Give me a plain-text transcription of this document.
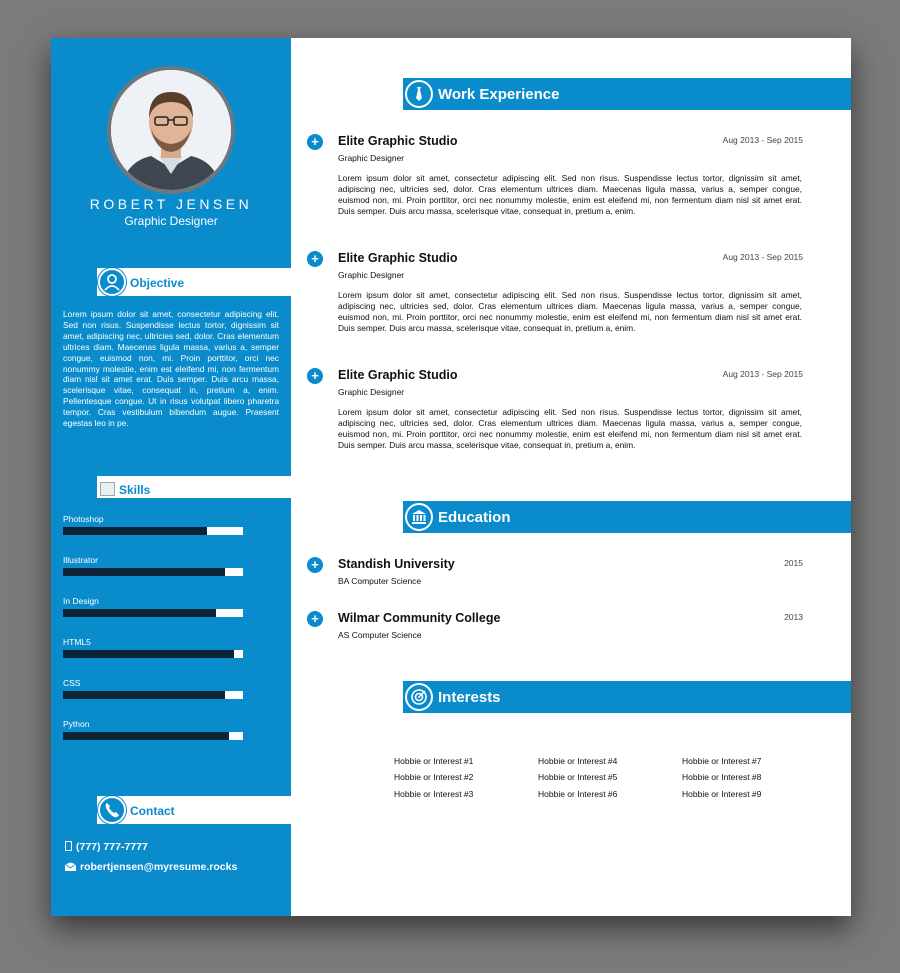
ROBERT JENSEN
Graphic Designer
Objective
Lorem ipsum dolor sit amet, consectetur adipiscing elit. Sed non risus. Suspendisse lectus tortor, dignissim sit amet, adipiscing nec, ultricies sed, dolor. Cras elementum ultrices diam. Maecenas ligula massa, varius a, semper congue, euismod non, mi. Proin porttitor, orci nec nonummy molestie, enim est eleifend mi, non fermentum diam nisl sit amet erat. Duis semper. Duis arcu massa, scelerisque vitae, consequat in, pretium a, enim. Pellentesque congue. Ut in risus volutpat libero pharetra tempor. Cras vestibulum bibendum augue. Praesent egestas leo in pe.
Skills
Photoshop
Illustrator
In Design
HTML5
CSS
Python
Contact
(777) 777-7777
robertjensen@myresume.rocks
Work Experience
+	Elite Graphic Studio	Aug 2013 - Sep 2015
Graphic Designer
Lorem ipsum dolor sit amet, consectetur adipiscing elit. Sed non risus. Suspendisse lectus tortor, dignissim sit amet, adipiscing nec, ultricies sed, dolor. Cras elementum ultrices diam. Maecenas ligula massa, varius a, semper congue, euismod non, mi. Proin porttitor, orci nec nonummy molestie, enim est eleifend mi, non fermentum diam nisl sit amet erat. Duis semper. Duis arcu massa, scelerisque vitae, consequat in, pretium a, enim.
+	Elite Graphic Studio	Aug 2013 - Sep 2015
Graphic Designer
Lorem ipsum dolor sit amet, consectetur adipiscing elit. Sed non risus. Suspendisse lectus tortor, dignissim sit amet, adipiscing nec, ultricies sed, dolor. Cras elementum ultrices diam. Maecenas ligula massa, varius a, semper congue, euismod non, mi. Proin porttitor, orci nec nonummy molestie, enim est eleifend mi, non fermentum diam nisl sit amet erat. Duis semper. Duis arcu massa, scelerisque vitae, consequat in, pretium a, enim.
+	Elite Graphic Studio	Aug 2013 - Sep 2015
Graphic Designer
Lorem ipsum dolor sit amet, consectetur adipiscing elit. Sed non risus. Suspendisse lectus tortor, dignissim sit amet, adipiscing nec, ultricies sed, dolor. Cras elementum ultrices diam. Maecenas ligula massa, varius a, semper congue, euismod non, mi. Proin porttitor, orci nec nonummy molestie, enim est eleifend mi, non fermentum diam nisl sit amet erat. Duis semper. Duis arcu massa, scelerisque vitae, consequat in, pretium a, enim.
Education
+	Standish University	2015
BA Computer Science
+	Wilmar Community College	2013
AS Computer Science
Interests
Hobbie or Interest #1
Hobbie or Interest #2
Hobbie or Interest #3
Hobbie or Interest #4
Hobbie or Interest #5
Hobbie or Interest #6
Hobbie or Interest #7
Hobbie or Interest #8
Hobbie or Interest #9
